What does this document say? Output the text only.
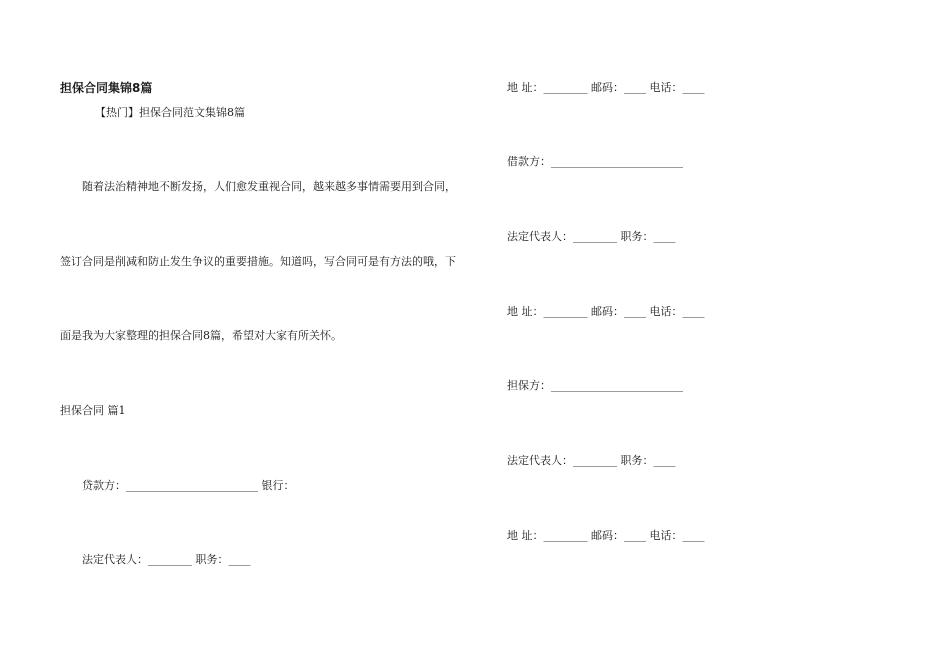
担保合同集锦8篇
【热门】担保合同范文集锦8篇
随着法治精神地不断发扬，人们愈发重视合同，越来越多事情需要用到合同，
签订合同是削减和防止发生争议的重要措施。知道吗，写合同可是有方法的哦，下
面是我为大家整理的担保合同8篇，希望对大家有所关怀。
担保合同 篇1
贷款方：________________________ 银行：
法定代表人：________ 职务：____
地 址：________ 邮码：____ 电话：____
借款方：________________________
法定代表人：________ 职务：____
地 址：________ 邮码：____ 电话：____
担保方：________________________
法定代表人：________ 职务：____
地 址：________ 邮码：____ 电话：____
